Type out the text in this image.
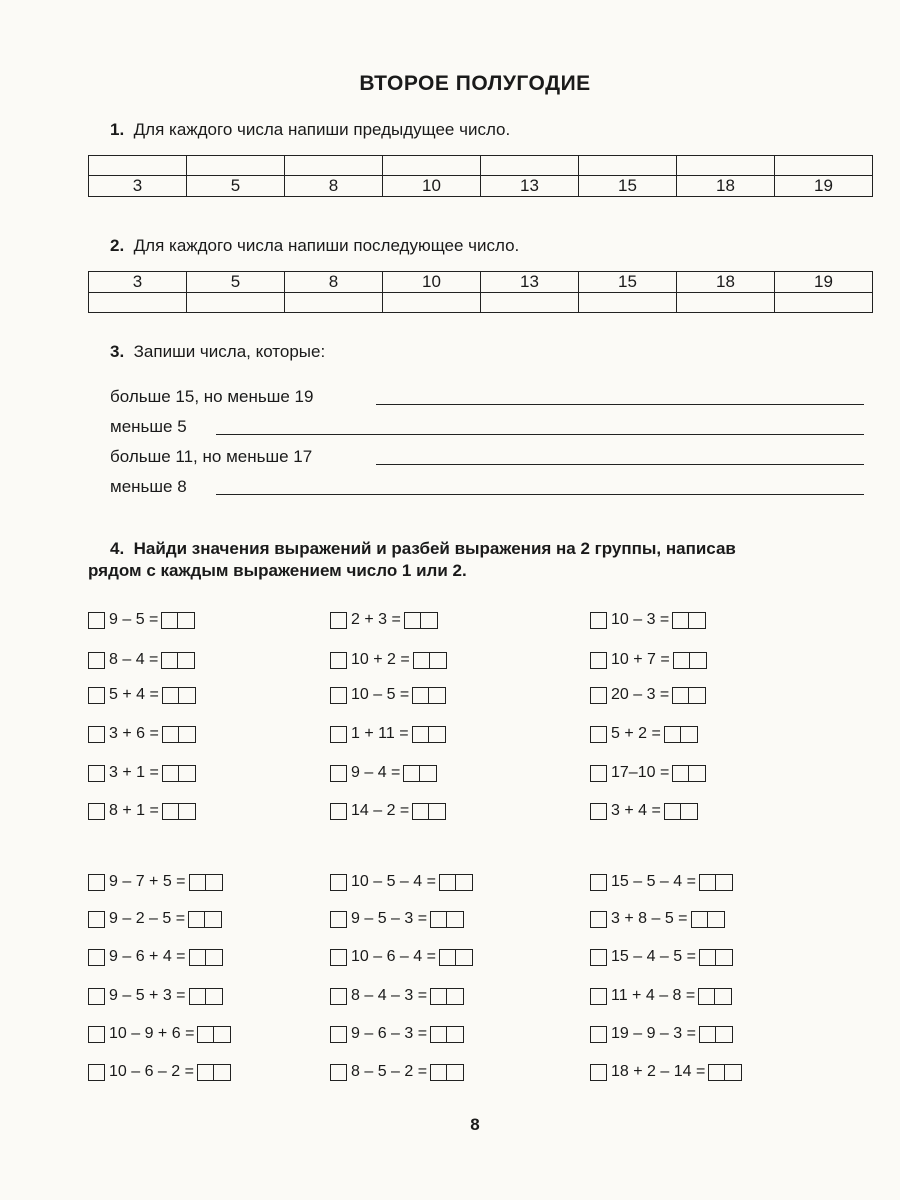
ВТОРОЕ ПОЛУГОДИЕ
1. Для каждого числа напиши предыдущее число.

3	5	8	10	13	15	18	19
2. Для каждого числа напиши последующее число.
3	5	8	10	13	15	18	19

3. Запиши числа, которые:
больше 15, но меньше 19
меньше 5
больше 11, но меньше 17
меньше 8
4. Найди значения выражений и разбей выражения на 2 группы, написав
рядом с каждым выражением число 1 или 2.
9 – 5 =
8 – 4 =
5 + 4 =
3 + 6 =
3 + 1 =
8 + 1 =
9 – 7 + 5 =
9 – 2 – 5 =
9 – 6 + 4 =
9 – 5 + 3 =
10 – 9 + 6 =
10 – 6 – 2 =
2 + 3 =
10 + 2 =
10 – 5 =
1 + 11 =
9 – 4 =
14 – 2 =
10 – 5 – 4 =
9 – 5 – 3 =
10 – 6 – 4 =
8 – 4 – 3 =
9 – 6 – 3 =
8 – 5 – 2 =
10 – 3 =
10 + 7 =
20 – 3 =
5 + 2 =
17–10 =
3 + 4 =
15 – 5 – 4 =
3 + 8 – 5 =
15 – 4 – 5 =
11 + 4 – 8 =
19 – 9 – 3 =
18 + 2 – 14 =
8
